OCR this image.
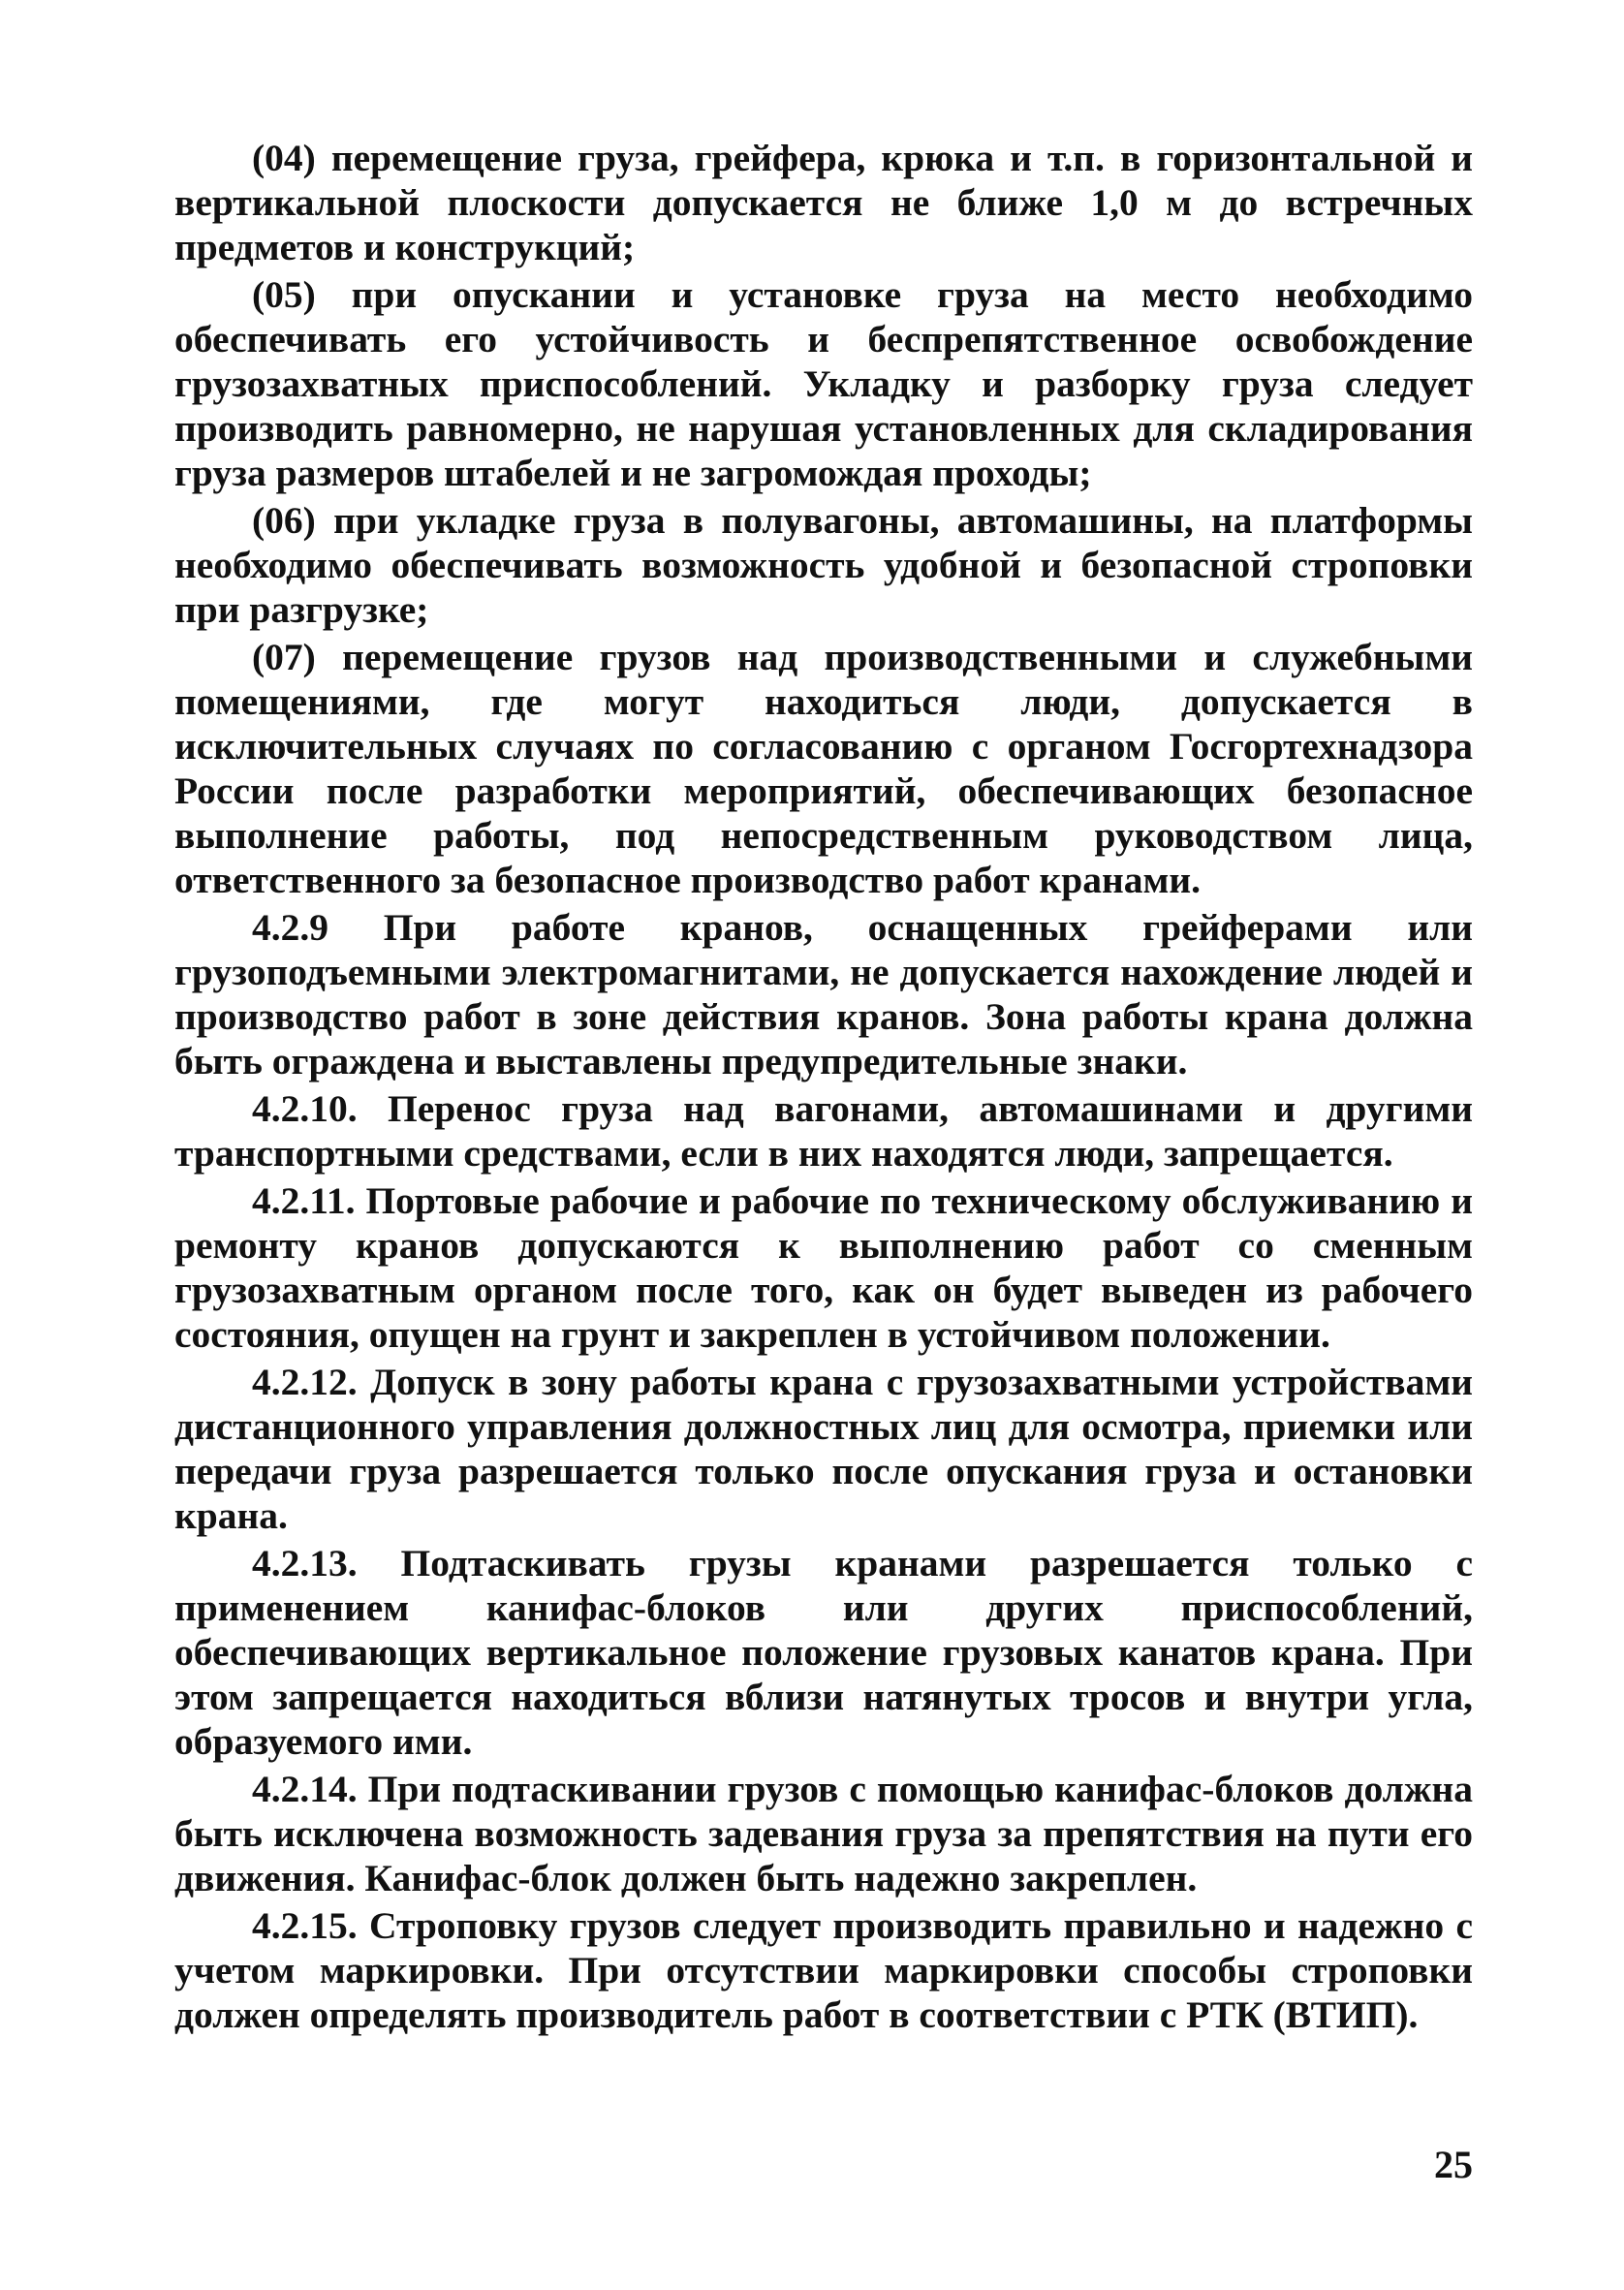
(04) перемещение груза, грейфера, крюка и т.п. в горизонтальной и вертикальной плоскости допускается не ближе 1,0 м до встречных предметов и конструкций;

(05) при опускании и установке груза на место необходимо обеспечивать его устойчивость и беспрепятственное освобождение грузозахватных приспособлений. Укладку и разборку груза следует производить равномерно, не нарушая установленных для складирования груза размеров штабелей и не загромождая проходы;

(06) при укладке груза в полувагоны, автомашины, на платформы необходимо обеспечивать возможность удобной и безопасной строповки при разгрузке;

(07) перемещение грузов над производственными и служебными помещениями, где могут находиться люди, допускается в исключительных случаях по согласованию с органом Госгортехнадзора России после разработки мероприятий, обеспечивающих безопасное выполнение работы, под непосредственным руководством лица, ответственного за безопасное производство работ кранами.

4.2.9 При работе кранов, оснащенных грейферами или грузоподъемными электромагнитами, не допускается нахождение людей и производство работ в зоне действия кранов. Зона работы крана должна быть ограждена и выставлены предупредительные знаки.

4.2.10. Перенос груза над вагонами, автомашинами и другими транспортными средствами, если в них находятся люди, запрещается.

4.2.11. Портовые рабочие и рабочие по техническому обслуживанию и ремонту кранов допускаются к выполнению работ со сменным грузозахватным органом после того, как он будет выведен из рабочего состояния, опущен на грунт и закреплен в устойчивом положении.

4.2.12. Допуск в зону работы крана с грузозахватными устройствами дистанционного управления должностных лиц для осмотра, приемки или передачи груза разрешается только после опускания груза и остановки крана.

4.2.13. Подтаскивать грузы кранами разрешается только с применением канифас-блоков или других приспособлений, обеспечивающих вертикальное положение грузовых канатов крана. При этом запрещается находиться вблизи натянутых тросов и внутри угла, образуемого ими.

4.2.14. При подтаскивании грузов с помощью канифас-блоков должна быть исключена возможность задевания груза за препятствия на пути его движения. Канифас-блок должен быть надежно закреплен.

4.2.15. Строповку грузов следует производить правильно и надежно с учетом маркировки. При отсутствии маркировки способы строповки должен определять производитель работ в соответствии с РТК (ВТИП).

25
